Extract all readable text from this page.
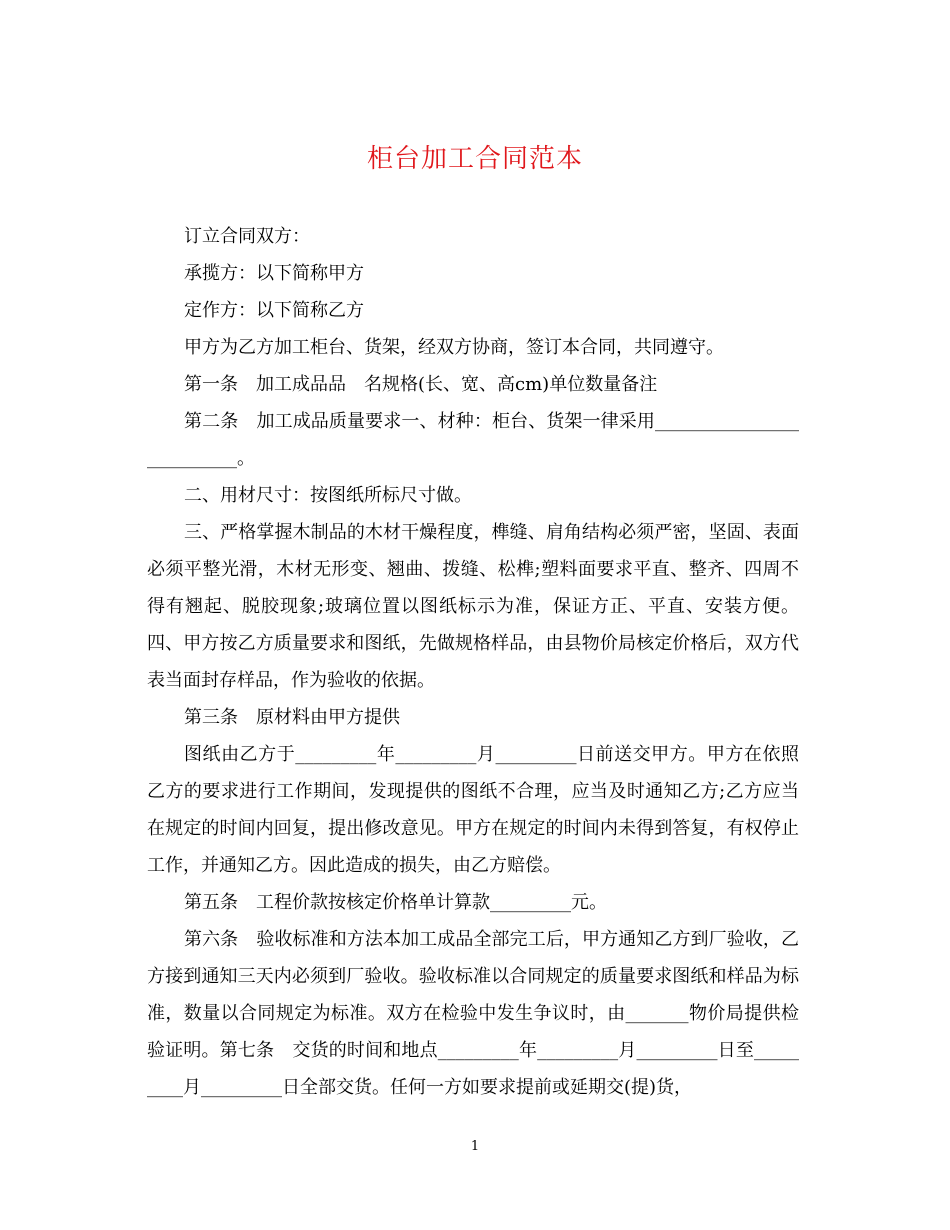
柜台加工合同范本

订立合同双方：

承揽方：以下简称甲方

定作方：以下简称乙方

甲方为乙方加工柜台、货架，经双方协商，签订本合同，共同遵守。

第一条　加工成品品　名规格(长、宽、高cm)单位数量备注

第二条　加工成品质量要求一、材种：柜台、货架一律采用__________________________。

二、用材尺寸：按图纸所标尺寸做。

三、严格掌握木制品的木材干燥程度，榫缝、肩角结构必须严密，坚固、表面必须平整光滑，木材无形变、翘曲、拨缝、松榫;塑料面要求平直、整齐、四周不得有翘起、脱胶现象;玻璃位置以图纸标示为准，保证方正、平直、安装方便。四、甲方按乙方质量要求和图纸，先做规格样品，由县物价局核定价格后，双方代表当面封存样品，作为验收的依据。

第三条　原材料由甲方提供

图纸由乙方于_________年_________月_________日前送交甲方。甲方在依照乙方的要求进行工作期间，发现提供的图纸不合理，应当及时通知乙方;乙方应当在规定的时间内回复，提出修改意见。甲方在规定的时间内未得到答复，有权停止工作，并通知乙方。因此造成的损失，由乙方赔偿。

第五条　工程价款按核定价格单计算款_________元。

第六条　验收标准和方法本加工成品全部完工后，甲方通知乙方到厂验收，乙方接到通知三天内必须到厂验收。验收标准以合同规定的质量要求图纸和样品为标准，数量以合同规定为标准。双方在检验中发生争议时，由_______物价局提供检验证明。第七条　交货的时间和地点_________年_________月_________日至_________月_________日全部交货。任何一方如要求提前或延期交(提)货，

1
